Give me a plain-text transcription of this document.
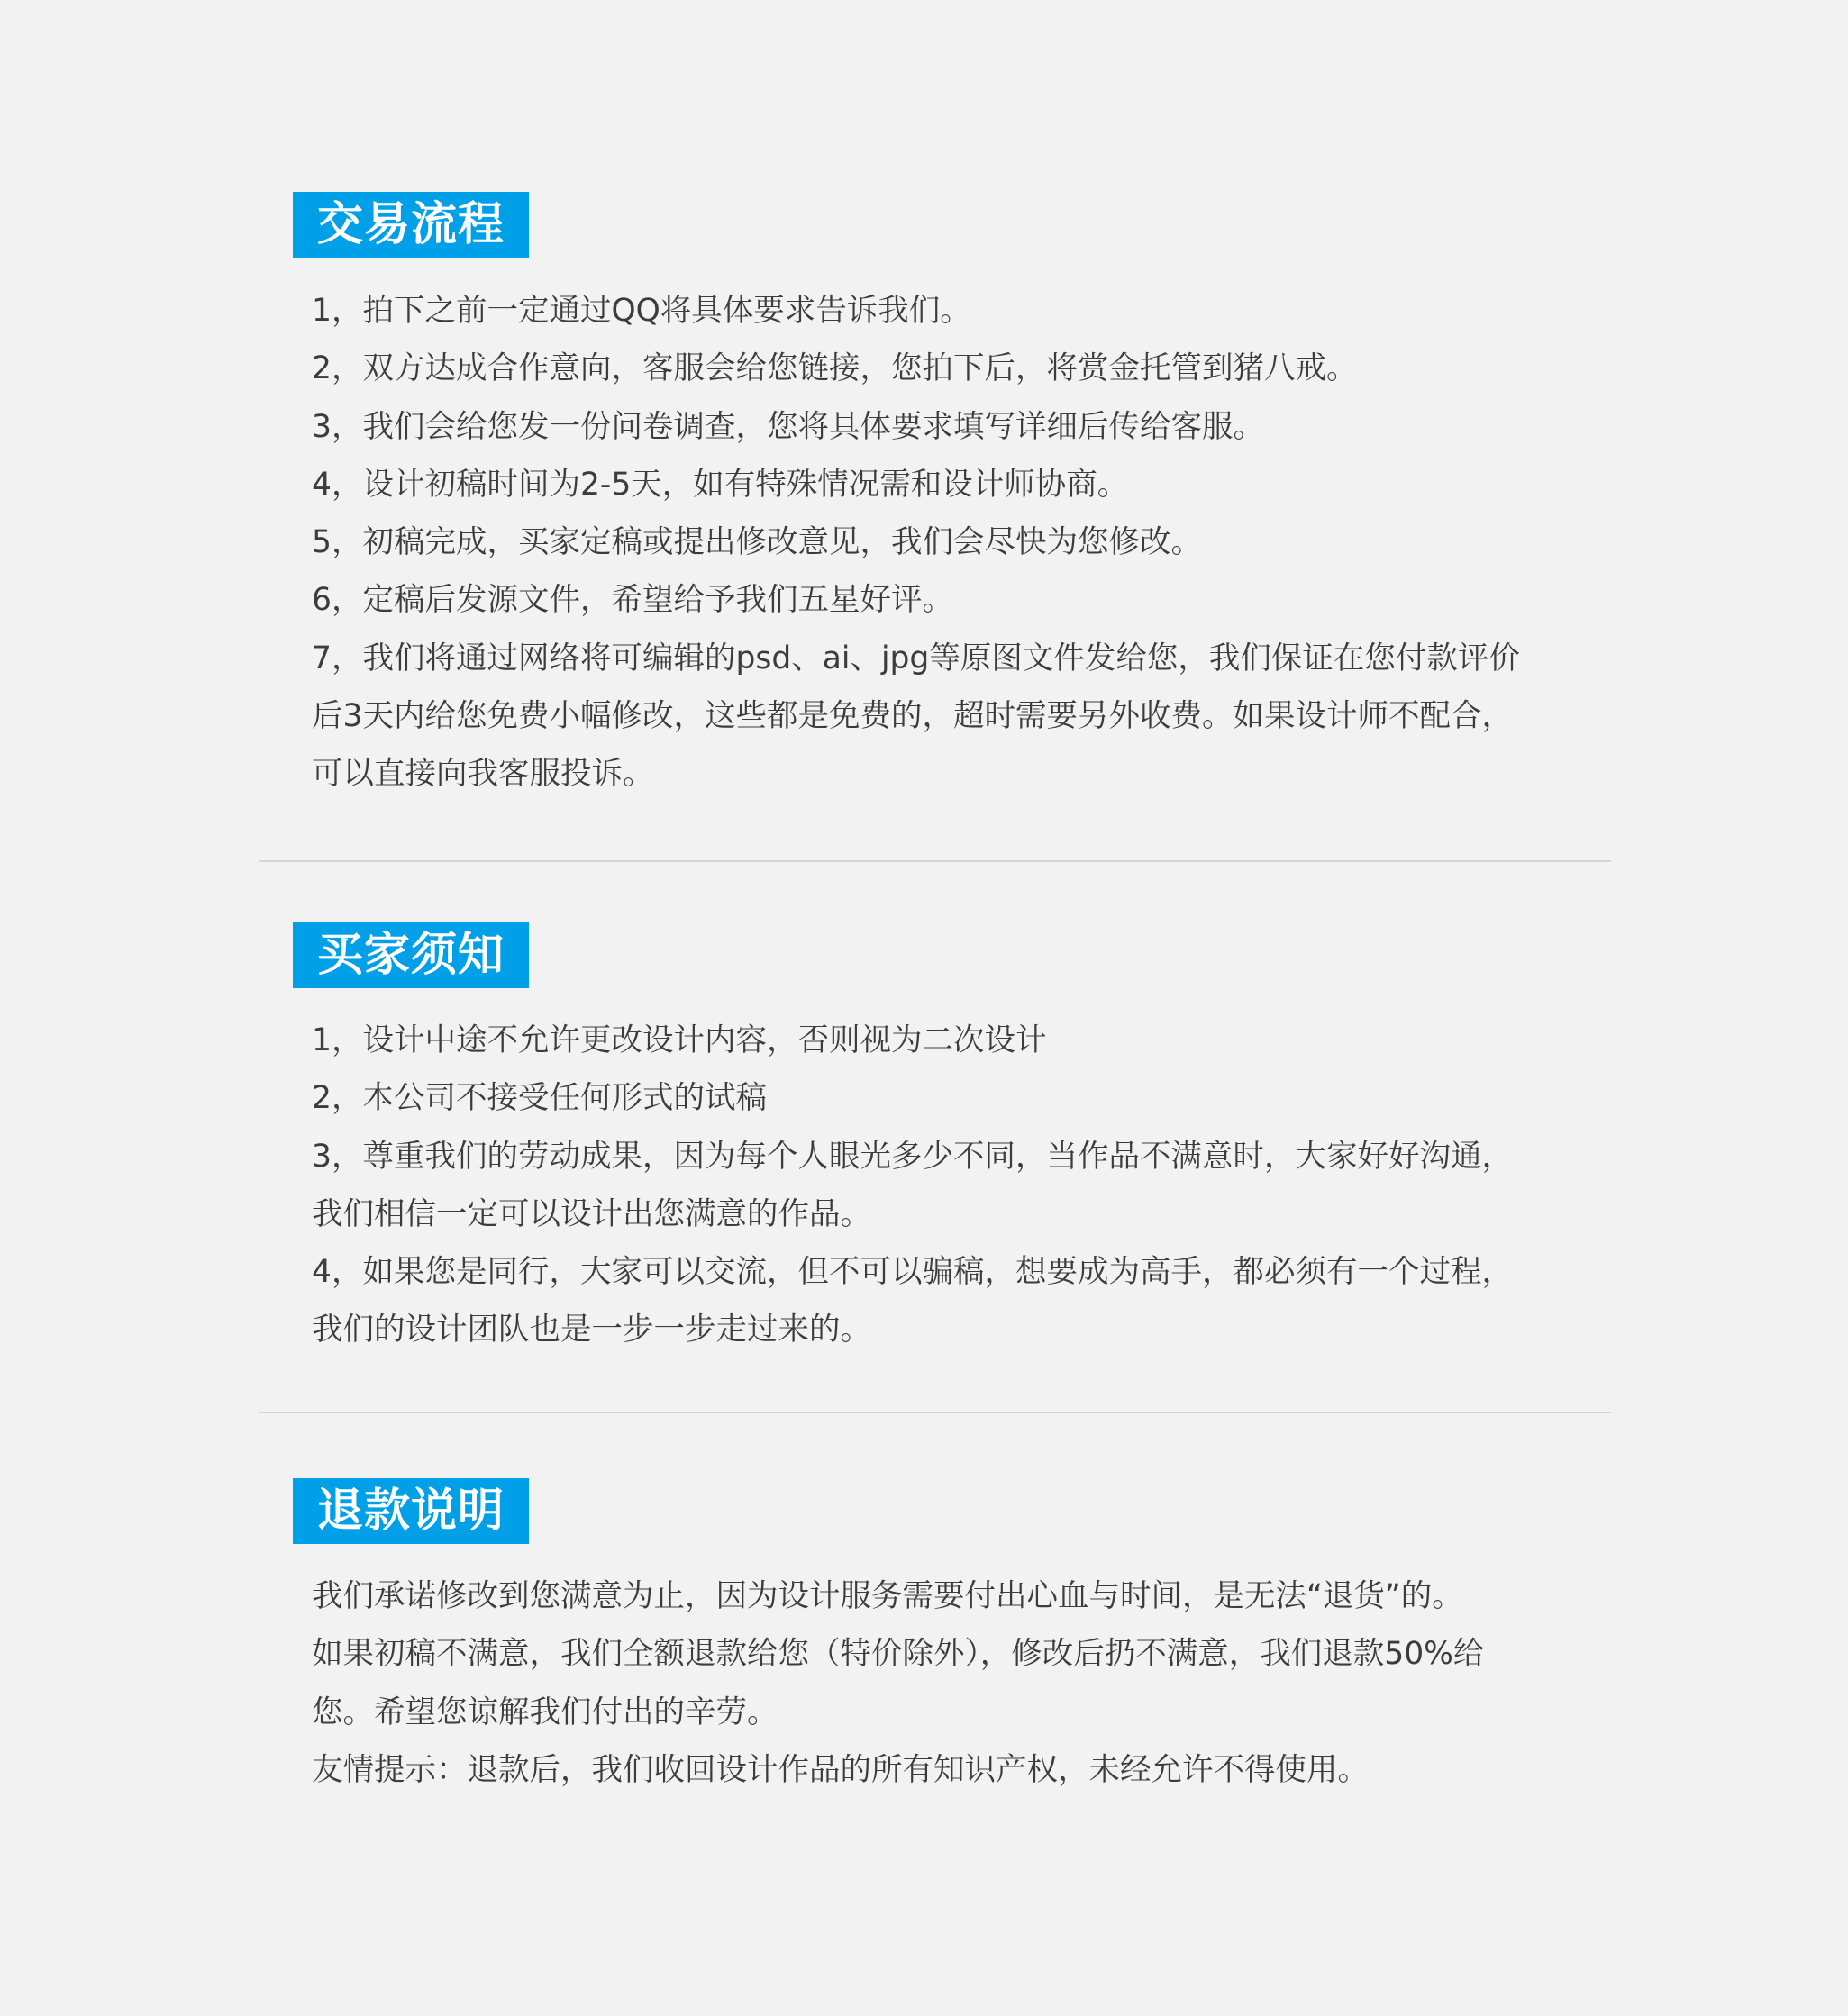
交易流程
1，拍下之前一定通过QQ将具体要求告诉我们。
2，双方达成合作意向，客服会给您链接，您拍下后，将赏金托管到猪八戒。
3，我们会给您发一份问卷调查，您将具体要求填写详细后传给客服。
4，设计初稿时间为2-5天，如有特殊情况需和设计师协商。
5，初稿完成，买家定稿或提出修改意见，我们会尽快为您修改。
6，定稿后发源文件，希望给予我们五星好评。
7，我们将通过网络将可编辑的psd、ai、jpg等原图文件发给您，我们保证在您付款评价
后3天内给您免费小幅修改，这些都是免费的，超时需要另外收费。如果设计师不配合，
可以直接向我客服投诉。
买家须知
1，设计中途不允许更改设计内容，否则视为二次设计
2，本公司不接受任何形式的试稿
3，尊重我们的劳动成果，因为每个人眼光多少不同，当作品不满意时，大家好好沟通，
我们相信一定可以设计出您满意的作品。
4，如果您是同行，大家可以交流，但不可以骗稿，想要成为高手，都必须有一个过程，
我们的设计团队也是一步一步走过来的。
退款说明
我们承诺修改到您满意为止，因为设计服务需要付出心血与时间，是无法“退货”的。
如果初稿不满意，我们全额退款给您（特价除外），修改后扔不满意，我们退款50%给
您。希望您谅解我们付出的辛劳。
友情提示：退款后，我们收回设计作品的所有知识产权，未经允许不得使用。
